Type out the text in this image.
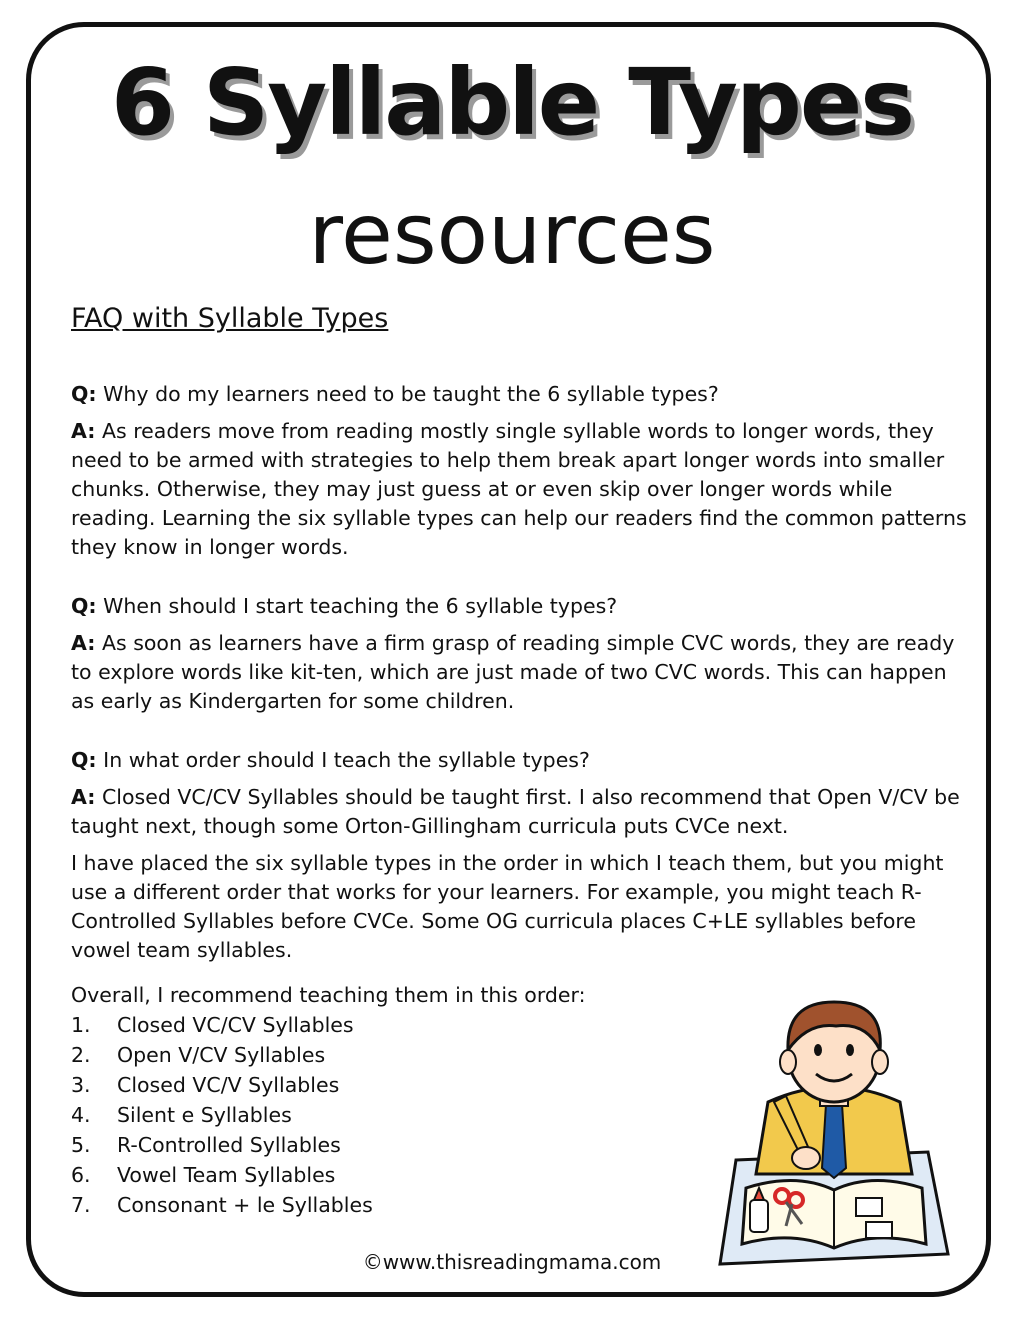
6 Syllable Types
resources
FAQ with Syllable Types

Q: Why do my learners need to be taught the 6 syllable types?

A: As readers move from reading mostly single syllable words to longer words, they need to be armed with strategies to help them break apart longer words into smaller chunks. Otherwise, they may just guess at or even skip over longer words while reading. Learning the six syllable types can help our readers find the common patterns they know in longer words.

Q: When should I start teaching the 6 syllable types?

A: As soon as learners have a firm grasp of reading simple CVC words, they are ready to explore words like kit-ten, which are just made of two CVC words. This can happen as early as Kindergarten for some children.

Q: In what order should I teach the syllable types?

A: Closed VC/CV Syllables should be taught first. I also recommend that Open V/CV be taught next, though some Orton-Gillingham curricula puts CVCe next.

I have placed the six syllable types in the order in which I teach them, but you might use a different order that works for your learners. For example, you might teach R-Controlled Syllables before CVCe. Some OG curricula places C+LE syllables before vowel team syllables.

Overall, I recommend teaching them in this order:

1.	Closed VC/CV Syllables
2.	Open V/CV Syllables
3.	Closed VC/V Syllables
4.	Silent e Syllables
5.	R-Controlled Syllables
6.	Vowel Team Syllables
7.	Consonant + le Syllables
©www.thisreadingmama.com
